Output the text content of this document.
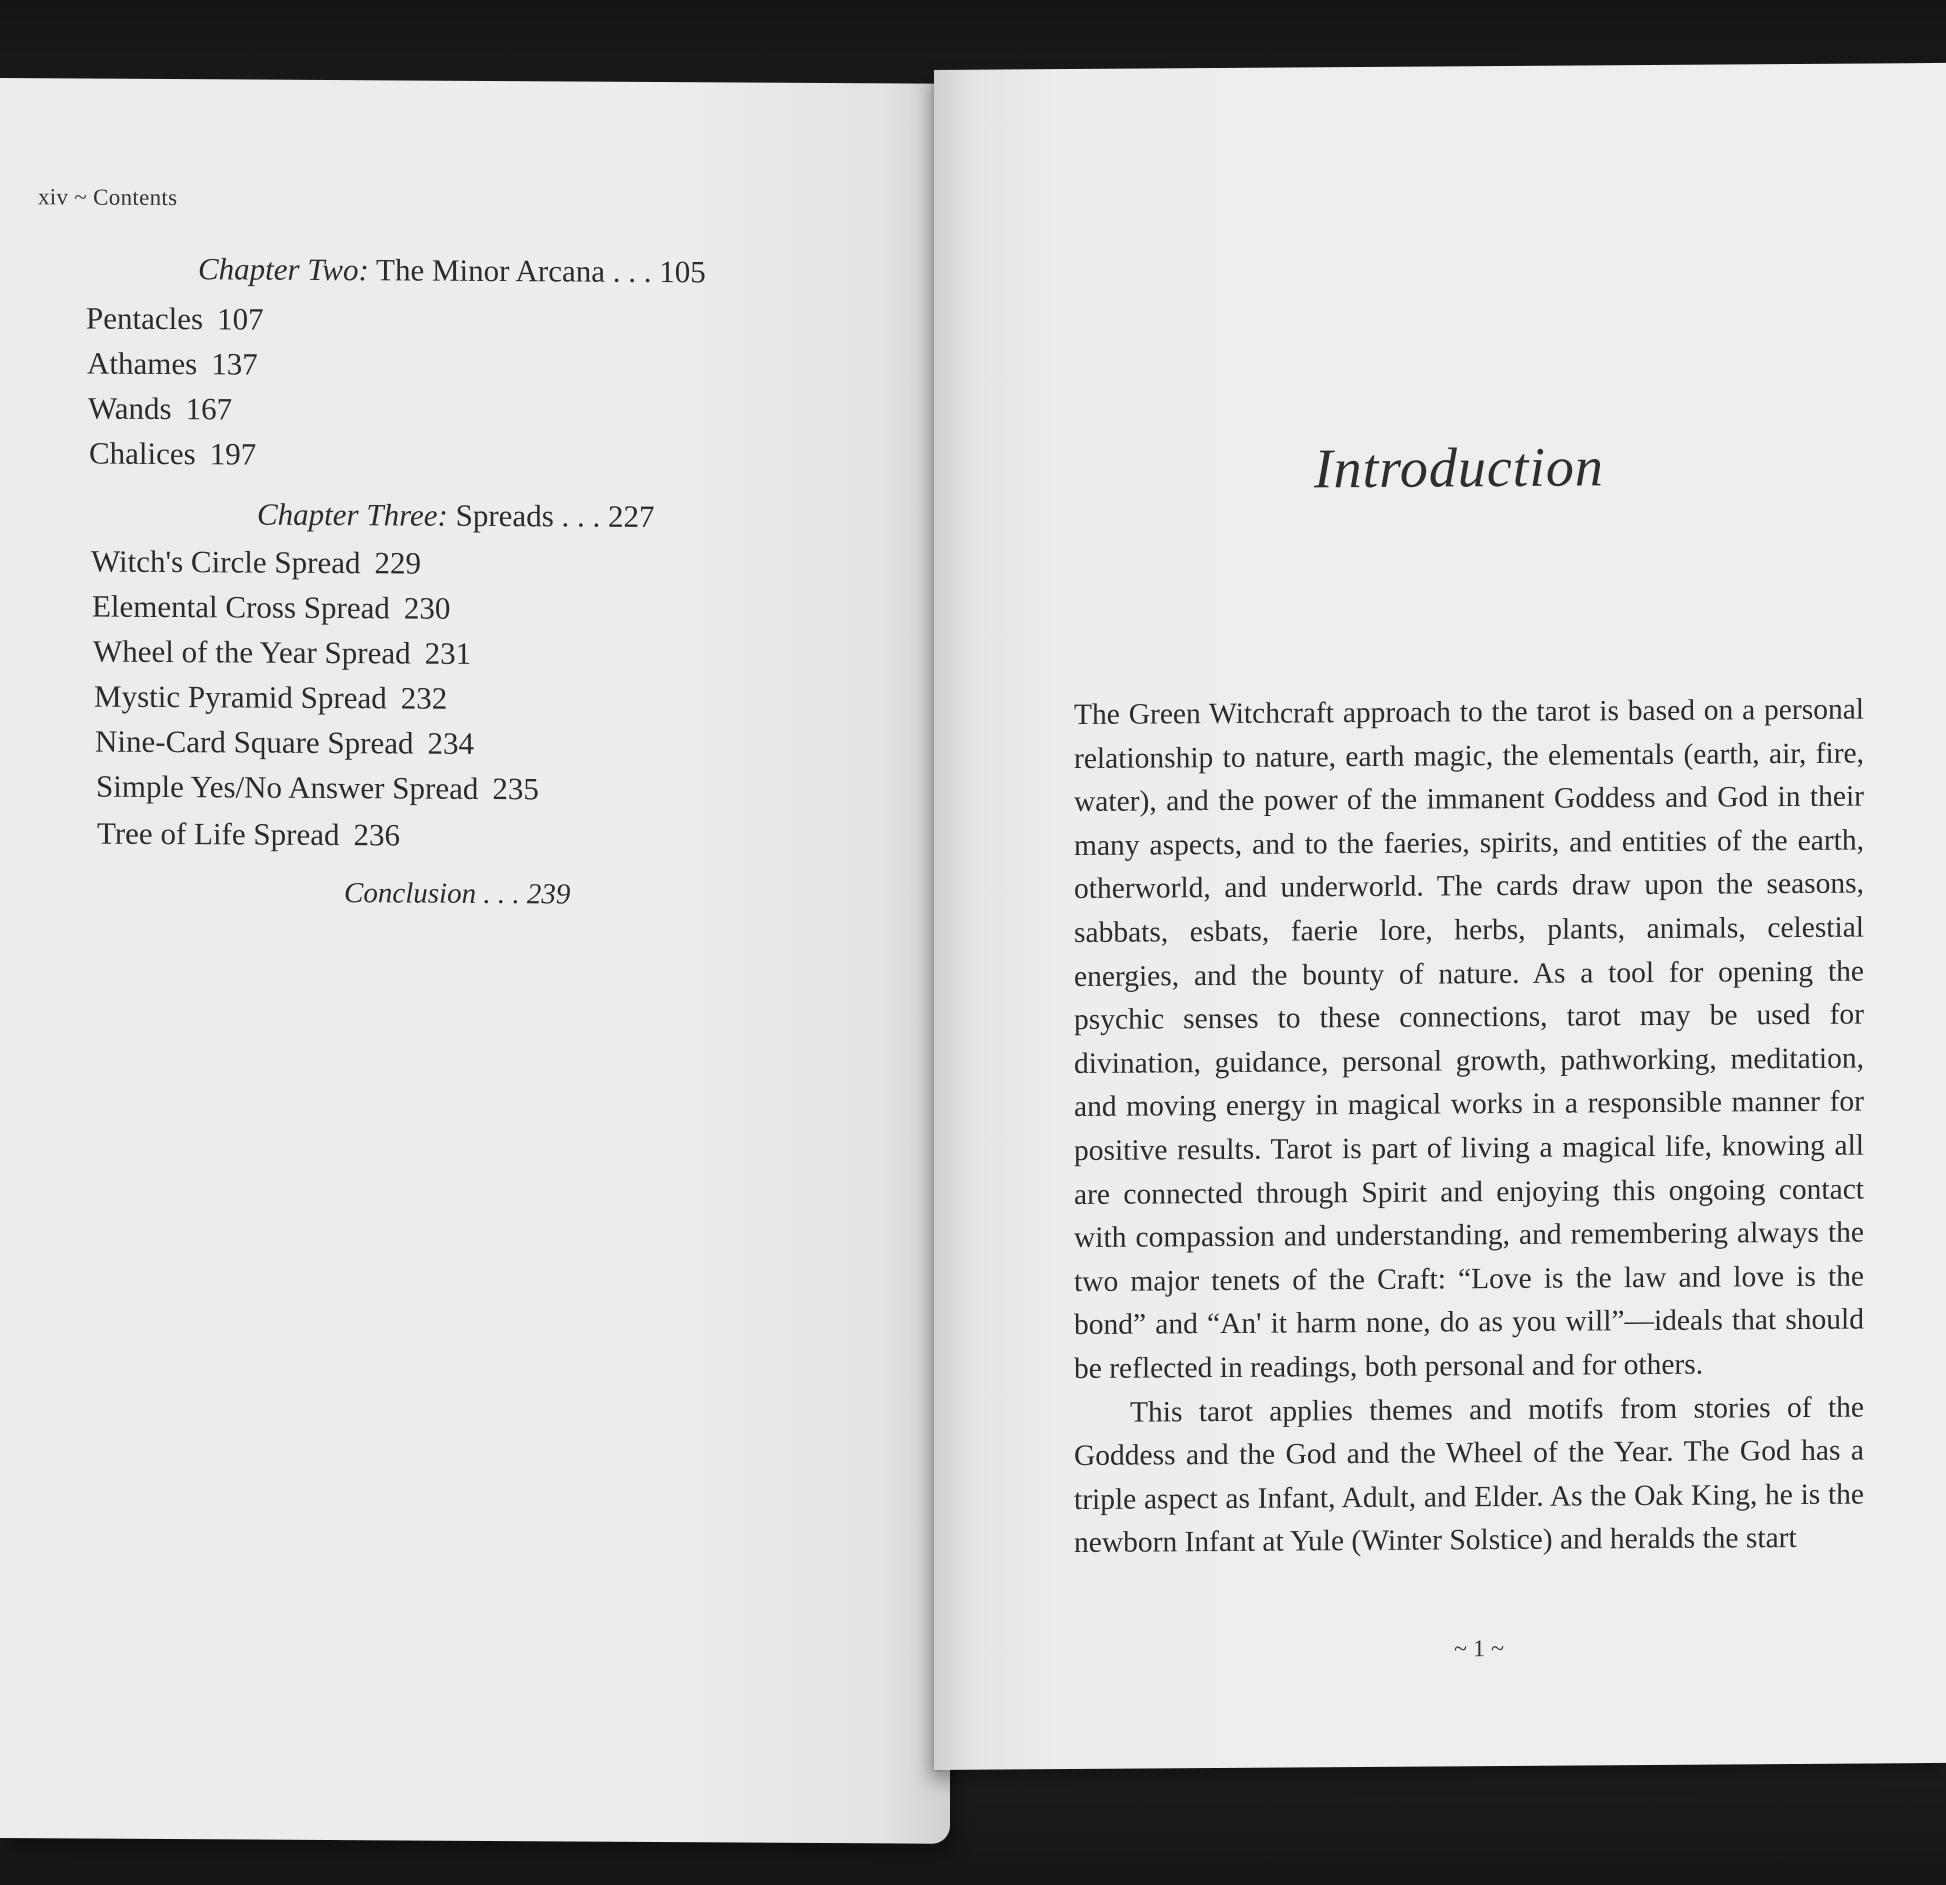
xiv ~ Contents
Chapter Two: The Minor Arcana . . . 105
Pentacles 107
Athames 137
Wands 167
Chalices 197
Chapter Three: Spreads . . . 227
Witch's Circle Spread 229
Elemental Cross Spread 230
Wheel of the Year Spread 231
Mystic Pyramid Spread 232
Nine-Card Square Spread 234
Simple Yes/No Answer Spread 235
Tree of Life Spread 236
Conclusion . . . 239
Introduction

The Green Witchcraft approach to the tarot is based on a personal relationship to nature, earth magic, the elementals (earth, air, fire, water), and the power of the immanent Goddess and God in their many aspects, and to the faeries, spirits, and entities of the earth, otherworld, and underworld. The cards draw upon the seasons, sabbats, esbats, faerie lore, herbs, plants, animals, celestial energies, and the bounty of nature. As a tool for opening the psychic senses to these connections, tarot may be used for divination, guidance, personal growth, pathworking, meditation, and moving energy in magical works in a responsible manner for positive results. Tarot is part of living a magical life, knowing all are connected through Spirit and enjoying this ongoing contact with compassion and understanding, and remembering always the two major tenets of the Craft: “Love is the law and love is the bond” and “An' it harm none, do as you will”—ideals that should be reflected in readings, both personal and for others.

This tarot applies themes and motifs from stories of the Goddess and the God and the Wheel of the Year. The God has a triple aspect as Infant, Adult, and Elder. As the Oak King, he is the newborn Infant at Yule (Winter Solstice) and heralds the start

~ 1 ~
